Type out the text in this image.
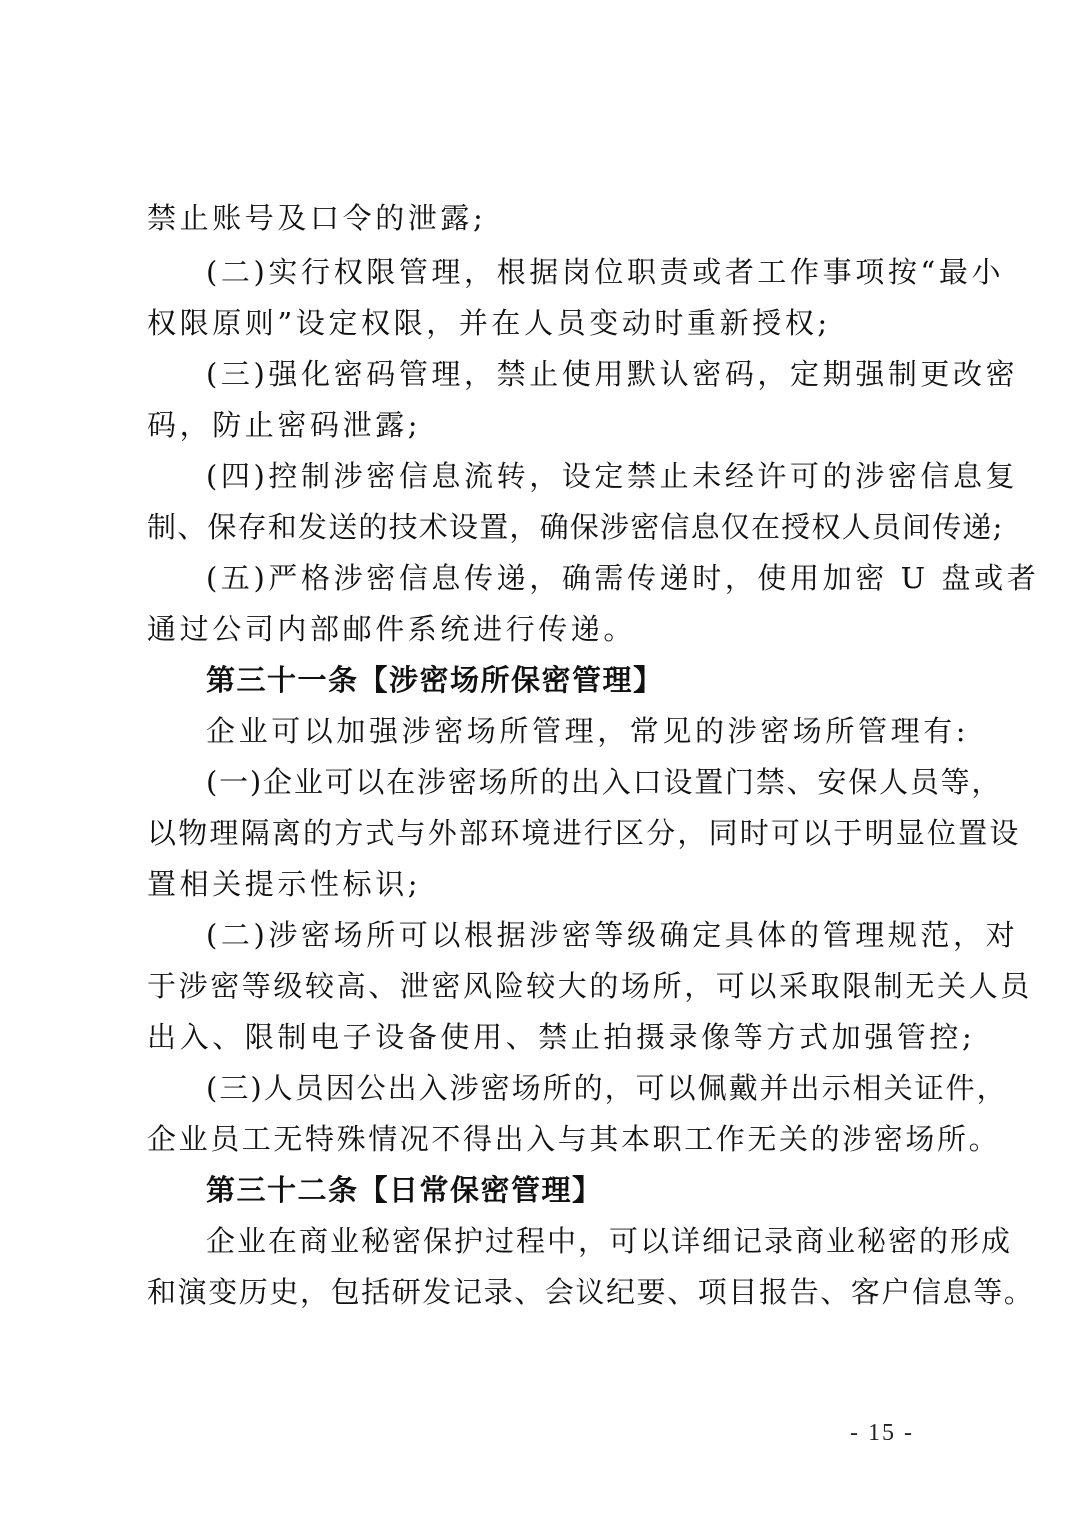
禁止账号及口令的泄露;
(二)实行权限管理，根据岗位职责或者工作事项按“最小
权限原则”设定权限，并在人员变动时重新授权;
(三)强化密码管理，禁止使用默认密码，定期强制更改密
码，防止密码泄露;
(四)控制涉密信息流转，设定禁止未经许可的涉密信息复
制、保存和发送的技术设置，确保涉密信息仅在授权人员间传递;
(五)严格涉密信息传递，确需传递时，使用加密 U 盘或者
通过公司内部邮件系统进行传递。
第三十一条【涉密场所保密管理】
企业可以加强涉密场所管理，常见的涉密场所管理有:
(一)企业可以在涉密场所的出入口设置门禁、安保人员等，
以物理隔离的方式与外部环境进行区分，同时可以于明显位置设
置相关提示性标识;
(二)涉密场所可以根据涉密等级确定具体的管理规范，对
于涉密等级较高、泄密风险较大的场所，可以采取限制无关人员
出入、限制电子设备使用、禁止拍摄录像等方式加强管控;
(三)人员因公出入涉密场所的，可以佩戴并出示相关证件，
企业员工无特殊情况不得出入与其本职工作无关的涉密场所。
第三十二条【日常保密管理】
企业在商业秘密保护过程中，可以详细记录商业秘密的形成
和演变历史，包括研发记录、会议纪要、项目报告、客户信息等。
- 15 -
